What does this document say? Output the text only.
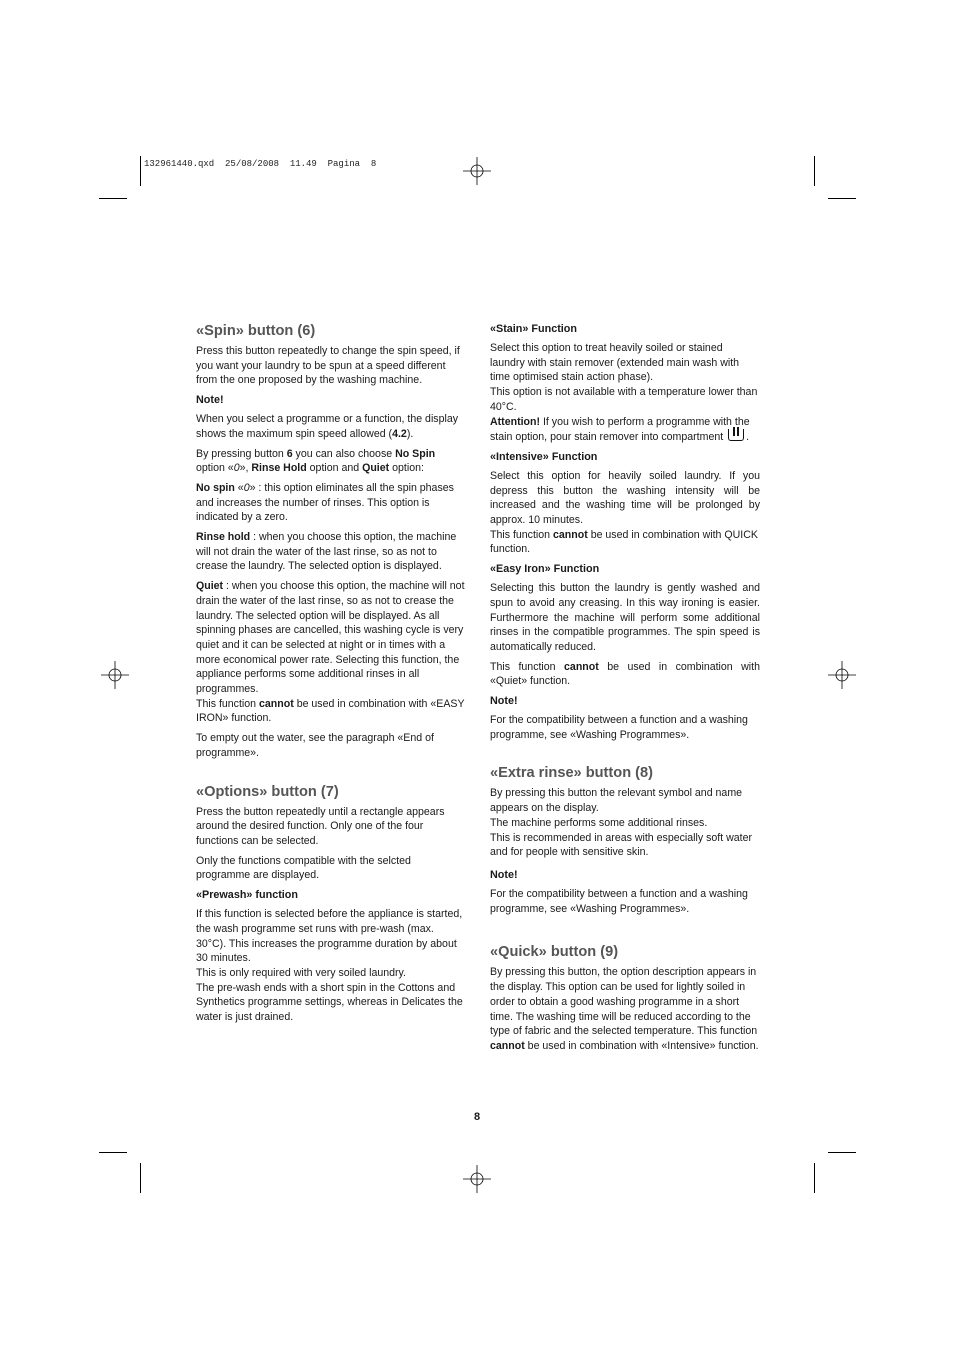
132961440.qxd  25/08/2008  11.49  Pagina  8
«Spin» button (6)

Press this button repeatedly to change the spin speed, if you want your laundry to be spun at a speed different from the one proposed by the washing machine.

Note!

When you select a programme or a function, the display shows the maximum spin speed allowed (4.2).

By pressing button 6 you can also choose No Spin option «0», Rinse Hold option and Quiet option:

No spin «0» : this option eliminates all the spin phases and increases the number of rinses. This option is indicated by a zero.

Rinse hold : when you choose this option, the machine will not drain the water of the last rinse, so as not to crease the laundry. The selected option is displayed.

Quiet : when you choose this option, the machine will not drain the water of the last rinse, so as not to crease the laundry. The selected option will be displayed. As all spinning phases are cancelled, this washing cycle is very quiet and it can be selected at night or in times with a more economical power rate. Selecting this function, the appliance performs some additional rinses in all programmes.

This function cannot be used in combination with «EASY IRON» function.

To empty out the water, see the paragraph «End of programme».

«Options» button (7)

Press the button repeatedly until a rectangle appears around the desired function. Only one of the four functions can be selected.

Only the functions compatible with the selcted programme are displayed.

«Prewash» function

If this function is selected before the appliance is started, the wash programme set runs with pre-wash (max. 30°C). This increases the programme duration by about 30 minutes.

This is only required with very soiled laundry.

The pre-wash ends with a short spin in the Cottons and Synthetics programme settings, whereas in Delicates the water is just drained.

«Stain» Function

Select this option to treat heavily soiled or stained laundry with stain remover (extended main wash with time optimised stain action phase).

This option is not available with a temperature lower than 40°C.

Attention! If you wish to perform a programme with the stain option, pour stain remover into compartment .

«Intensive» Function

Select this option for heavily soiled laundry. If you depress this button the washing intensity will be increased and the washing time will be prolonged by approx. 10 minutes.

This function cannot be used in combination with QUICK function.

«Easy Iron» Function

Selecting this button the laundry is gently washed and spun to avoid any creasing. In this way ironing is easier. Furthermore the machine will perform some additional rinses in the compatible programmes. The spin speed is automatically reduced.

This function cannot be used in combination with «Quiet» function.

Note!

For the compatibility between a function and a washing programme, see «Washing Programmes».

«Extra rinse» button (8)

By pressing this button the relevant symbol and name appears on the display.

The machine performs some additional rinses.

This is recommended in areas with especially soft water and for people with sensitive skin.

Note!

For the compatibility between a function and a washing programme, see «Washing Programmes».

«Quick» button (9)

By pressing this button, the option description appears in the display. This option can be used for lightly soiled in order to obtain a good washing programme in a short time. The washing time will be reduced according to the type of fabric and the selected temperature. This function cannot be used in combination with «Intensive» function.

8
